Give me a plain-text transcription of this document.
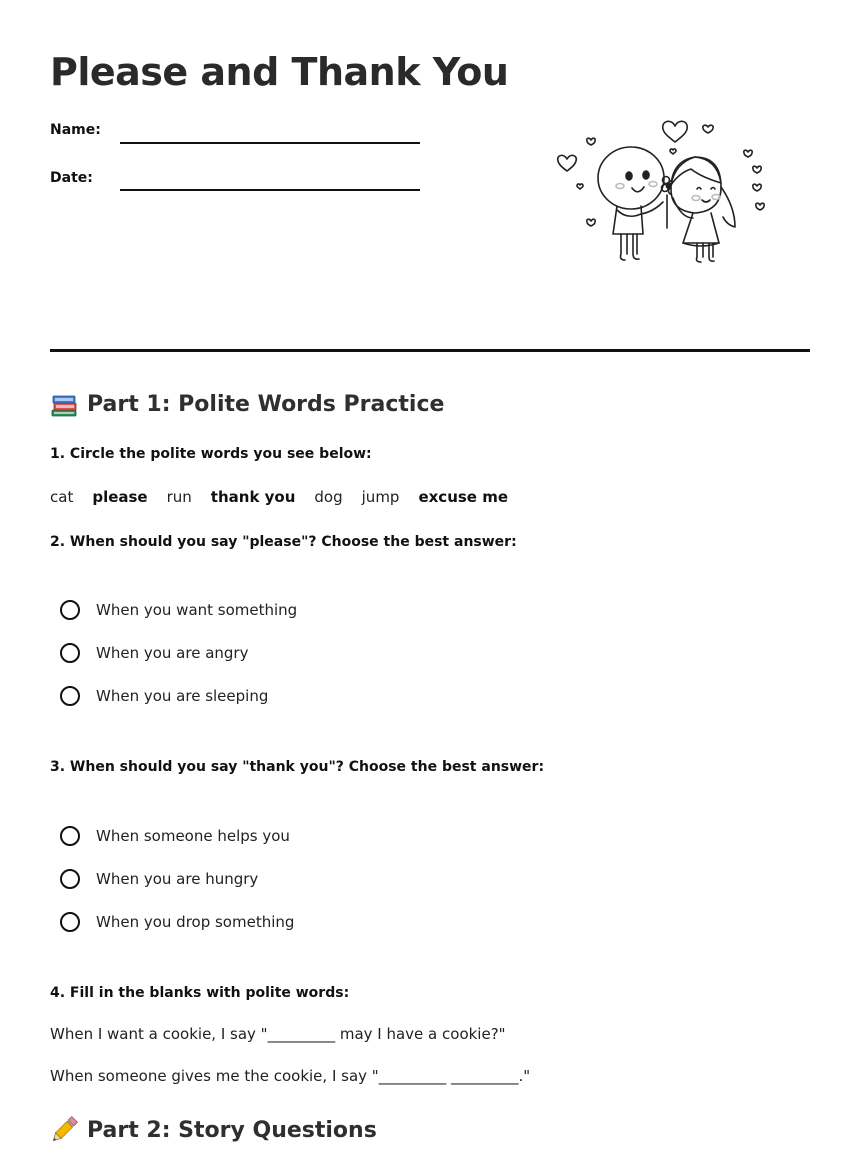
Please and Thank You
Name:
Date:
Part 1: Polite Words Practice
1. Circle the polite words you see below:
cat please run thank you dog jump excuse me
2. When should you say "please"? Choose the best answer:
When you want something
When you are angry
When you are sleeping
3. When should you say "thank you"? Choose the best answer:
When someone helps you
When you are hungry
When you drop something
4. Fill in the blanks with polite words:
When I want a cookie, I say "_________ may I have a cookie?"
When someone gives me the cookie, I say "_________ _________."
Part 2: Story Questions
